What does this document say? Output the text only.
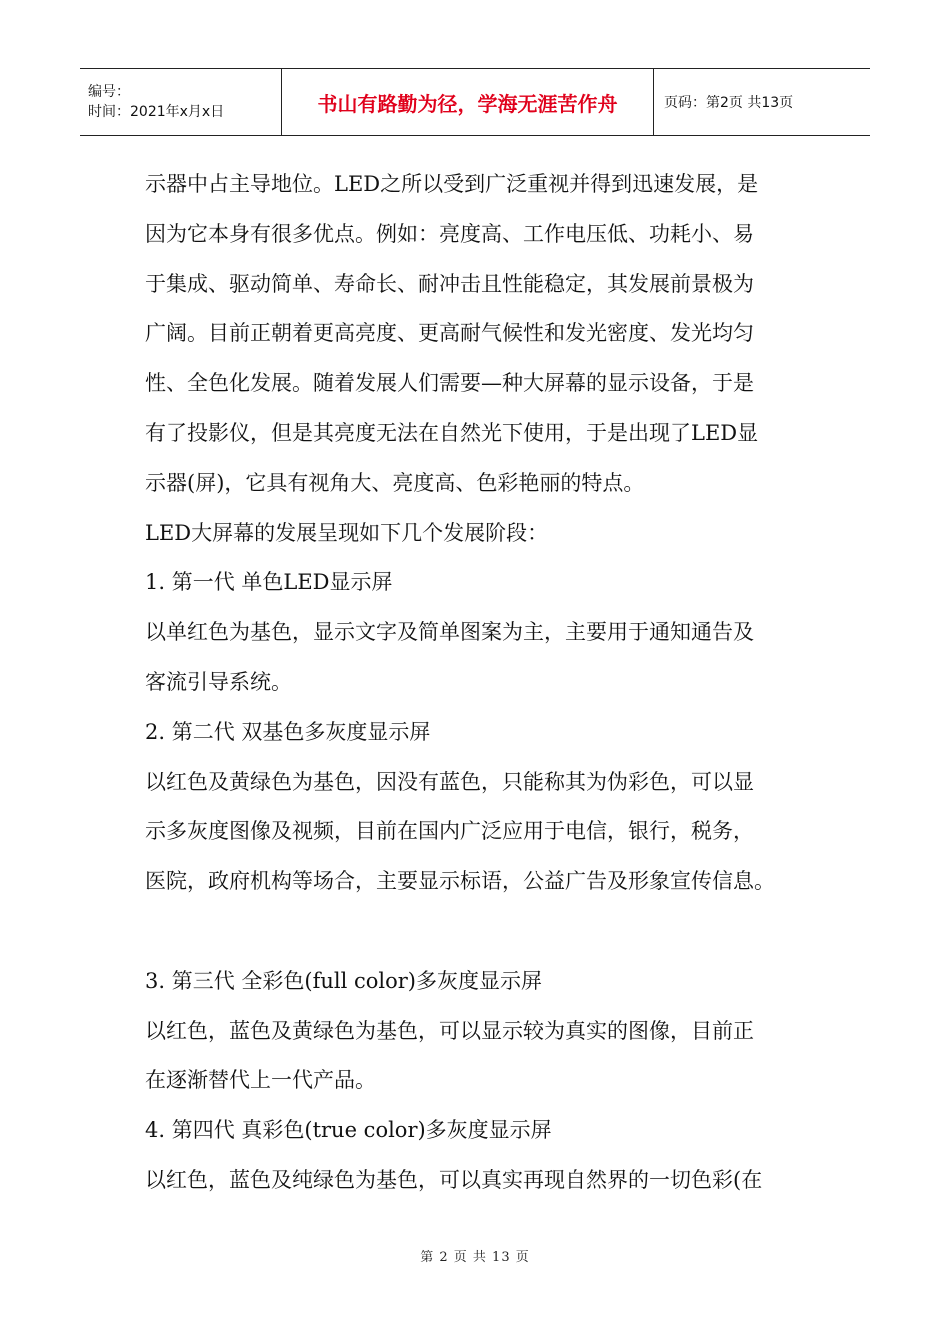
编号：
时间：2021年x月x日	书山有路勤为径，学海无涯苦作舟	页码：第2页 共13页

示器中占主导地位。LED之所以受到广泛重视并得到迅速发展，是

因为它本身有很多优点。例如：亮度高、工作电压低、功耗小、易

于集成、驱动简单、寿命长、耐冲击且性能稳定，其发展前景极为

广阔。目前正朝着更高亮度、更高耐气候性和发光密度、发光均匀

性、全色化发展。随着发展人们需要—种大屏幕的显示设备，于是

有了投影仪，但是其亮度无法在自然光下使用，于是出现了LED显

示器(屏)，它具有视角大、亮度高、色彩艳丽的特点。

LED大屏幕的发展呈现如下几个发展阶段：

1. 第一代 单色LED显示屏

以单红色为基色，显示文字及简单图案为主，主要用于通知通告及

客流引导系统。

2. 第二代 双基色多灰度显示屏

以红色及黄绿色为基色，因没有蓝色，只能称其为伪彩色，可以显

示多灰度图像及视频，目前在国内广泛应用于电信，银行，税务，

医院，政府机构等场合，主要显示标语，公益广告及形象宣传信息。

3. 第三代 全彩色(full color)多灰度显示屏

以红色，蓝色及黄绿色为基色，可以显示较为真实的图像，目前正

在逐渐替代上一代产品。

4. 第四代 真彩色(true color)多灰度显示屏

以红色，蓝色及纯绿色为基色，可以真实再现自然界的一切色彩(在

第 2 页 共 13 页
